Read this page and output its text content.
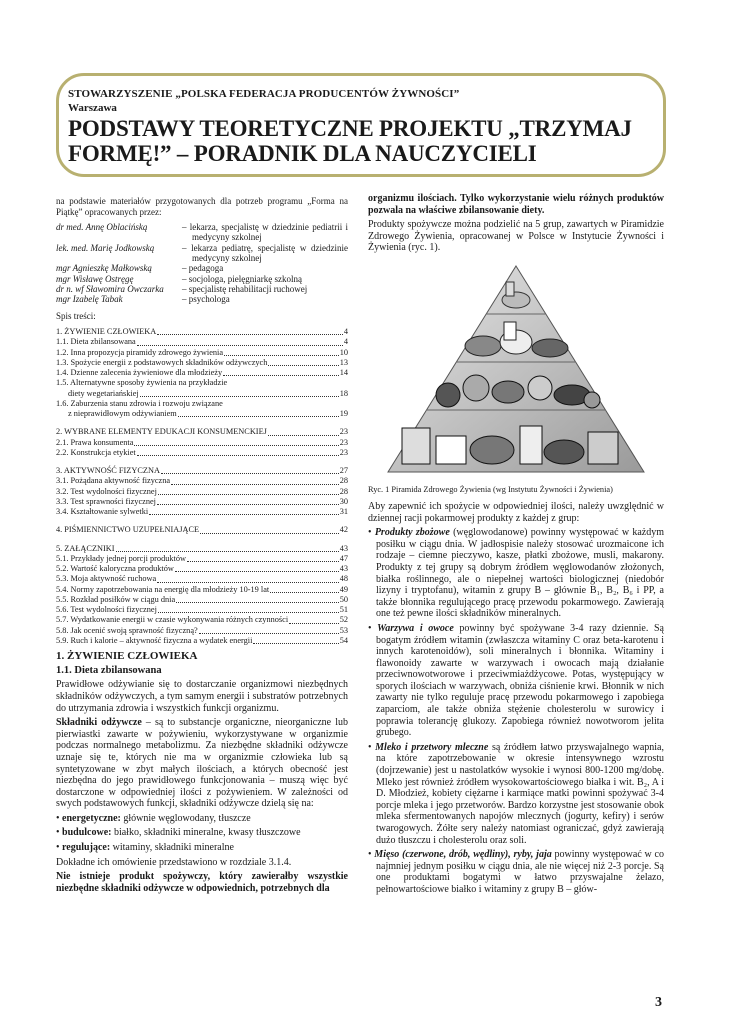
STOWARZYSZENIE „POLSKA FEDERACJA PRODUCENTÓW ŻYWNOŚCI”
Warszawa
PODSTAWY TEORETYCZNE PROJEKTU „TRZYMAJ
FORMĘ!” – PORADNIK DLA NAUCZYCIELI

na podstawie materiałów przygotowanych dla potrzeb programu „Forma na Piątkę” opracowanych przez:

dr med. Annę Oblacińską	– lekarza, specjalistę w dziedzinie pediatrii i medycyny szkolnej
lek. med. Marię Jodkowską	– lekarza pediatrę, specjalistę w dziedzinie medycyny szkolnej
mgr Agnieszkę Małkowską	– pedagoga
mgr Wisławę Ostręgę	– socjologa, pielęgniarkę szkolną
dr n. wf Sławomira Owczarka	– specjalistę rehabilitacji ruchowej
mgr Izabelę Tabak	– psychologa

Spis treści:

1. ŻYWIENIE CZŁOWIEKA	4
1.1. Dieta zbilansowana	4
1.2. Inna propozycja piramidy zdrowego żywienia	10
1.3. Spożycie energii z podstawowych składników odżywczych	13
1.4. Dzienne zalecenia żywieniowe dla młodzieży	14
1.5. Alternatywne sposoby żywienia na przykładzie
diety wegetariańskiej	18
1.6. Zaburzenia stanu zdrowia i rozwoju związane
z nieprawidłowym odżywianiem	19
2. WYBRANE ELEMENTY EDUKACJI KONSUMENCKIEJ	23
2.1. Prawa konsumenta	23
2.2. Konstrukcja etykiet	23
3. AKTYWNOŚĆ FIZYCZNA	27
3.1. Pożądana aktywność fizyczna	28
3.2. Test wydolności fizycznej	28
3.3. Test sprawności fizycznej	30
3.4. Kształtowanie sylwetki	31
4. PIŚMIENNICTWO UZUPEŁNIAJĄCE	42
5. ZAŁĄCZNIKI	43
5.1. Przykłady jednej porcji produktów	47
5.2. Wartość kaloryczna produktów	43
5.3. Moja aktywność ruchowa	48
5.4. Normy zapotrzebowania na energię dla młodzieży 10-19 lat	49
5.5. Rozkład posiłków w ciągu dnia	50
5.6. Test wydolności fizycznej	51
5.7. Wydatkowanie energii w czasie wykonywania różnych czynności	52
5.8. Jak ocenić swoją sprawność fizyczną?	53
5.9. Ruch i kalorie – aktywność fizyczna a wydatek energii	54
1. ŻYWIENIE CZŁOWIEKA
1.1. Dieta zbilansowana

Prawidłowe odżywianie się to dostarczanie organizmowi niezbędnych składników odżywczych, a tym samym energii i substratów potrzebnych do utrzymania zdrowia i wszystkich funkcji organizmu.

Składniki odżywcze – są to substancje organiczne, nieorganiczne lub pierwiastki zawarte w pożywieniu, wykorzystywane w organizmie podczas normalnego metabolizmu. Za niezbędne składniki odżywcze uznaje się te, których nie ma w organizmie człowieka lub są syntetyzowane w zbyt małych ilościach, a których obecność jest niezbędna do jego prawidłowego funkcjonowania – muszą więc być dostarczone w odpowiedniej ilości z pożywieniem. W zależności od swych podstawowych funkcji, składniki odżywcze dzielą się na:

• energetyczne: głównie węglowodany, tłuszcze
• budulcowe: białko, składniki mineralne, kwasy tłuszczowe
• regulujące: witaminy, składniki mineralne

Dokładne ich omówienie przedstawiono w rozdziale 3.1.4.

Nie istnieje produkt spożywczy, który zawierałby wszystkie niezbędne składniki odżywcze w odpowiednich, potrzebnych dla

organizmu ilościach. Tylko wykorzystanie wielu różnych produktów pozwala na właściwe zbilansowanie diety.

Produkty spożywcze można podzielić na 5 grup, zawartych w Piramidzie Zdrowego Żywienia, opracowanej w Polsce w Instytucie Żywności i Żywienia (ryc. 1).

Ryc. 1 Piramida Zdrowego Żywienia (wg Instytutu Żywności i Żywienia)

Aby zapewnić ich spożycie w odpowiedniej ilości, należy uwzględnić w dziennej racji pokarmowej produkty z każdej z grup:

• Produkty zbożowe (węglowodanowe) powinny występować w każdym posiłku w ciągu dnia. W jadłospisie należy stosować urozmaicone ich rodzaje – ciemne pieczywo, kasze, płatki zbożowe, musli, makarony. Produkty z tej grupy są dobrym źródłem węglowodanów złożonych, białka roślinnego, ale o niepełnej wartości biologicznej (niedobór lizyny i tryptofanu), witamin z grupy B – głównie B₁, B₂, B₆ i PP, a także błonnika regulującego pracę przewodu pokarmowego. Zawierają one też pewne ilości składników mineralnych.

• Warzywa i owoce powinny być spożywane 3-4 razy dziennie. Są bogatym źródłem witamin (zwłaszcza witaminy C oraz beta-karotenu i innych karotenoidów), soli mineralnych i błonnika. Witaminy i flawonoidy zawarte w warzywach i owocach mają działanie przeciwnowotworowe i przeciwmiażdżycowe. Potas, występujący w sporych ilościach w warzywach, obniża ciśnienie krwi. Błonnik w nich zawarty nie tylko reguluje pracę przewodu pokarmowego i zapobiega zaparciom, ale także obniża stężenie cholesterolu w surowicy i poprawia tolerancję glukozy. Zapobiega również nowotworom jelita grubego.

• Mleko i przetwory mleczne są źródłem łatwo przyswajalnego wapnia, na które zapotrzebowanie w okresie intensywnego wzrostu (dojrzewanie) jest u nastolatków wysokie i wynosi 800-1200 mg/dobę. Mleko jest również źródłem wysokowartościowego białka i wit. B₂, A i D. Młodzież, kobiety ciężarne i karmiące matki powinni spożywać 3-4 porcje mleka i jego przetworów. Bardzo korzystne jest stosowanie obok mleka sfermentowanych napojów mlecznych (jogurty, kefiry) i serów twarogowych. Żółte sery należy natomiast ograniczać, gdyż zawierają dużo tłuszczu i cholesterolu oraz soli.

• Mięso (czerwone, drób, wędliny), ryby, jaja powinny występować w co najmniej jednym posiłku w ciągu dnia, ale nie więcej niż 2-3 porcje. Są one produktami bogatymi w łatwo przyswajalne żelazo, pełnowartościowe białko i witaminy z grupy B – głów-

3
